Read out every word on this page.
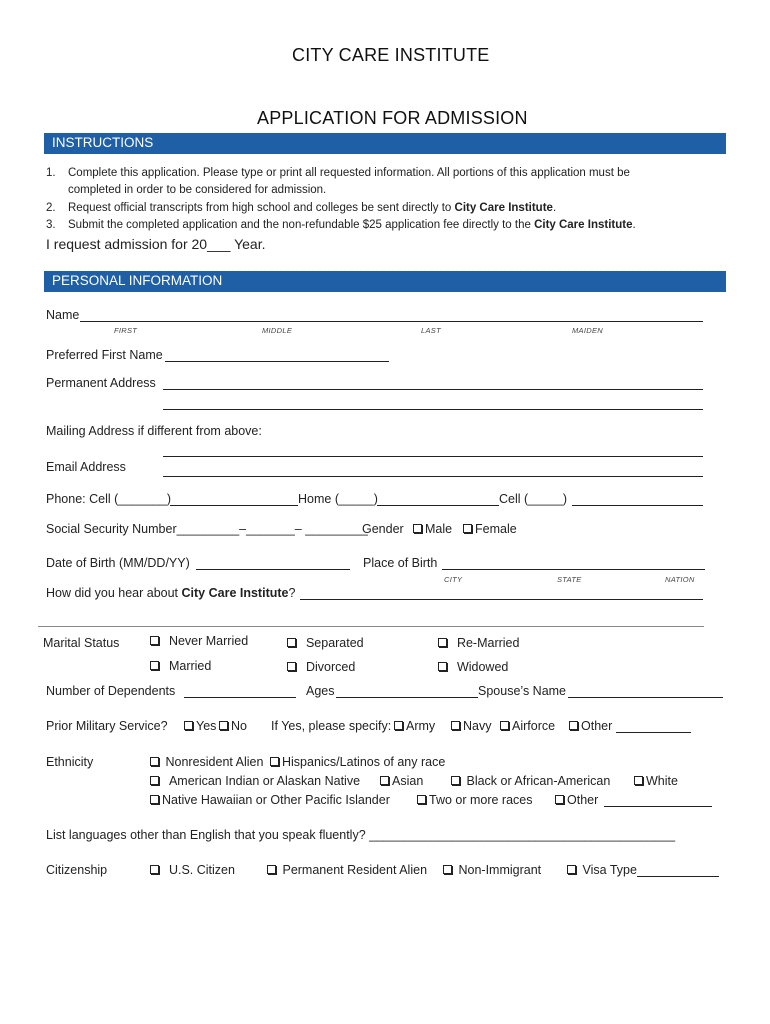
CITY CARE INSTITUTE
APPLICATION FOR ADMISSION
INSTRUCTIONS
1. Complete this application. Please type or print all requested information. All portions of this application must be
completed in order to be considered for admission.
2. Request official transcripts from high school and colleges be sent directly to City Care Institute.
3. Submit the completed application and the non-refundable $25 application fee directly to the City Care Institute.
I request admission for 20___ Year.
PERSONAL INFORMATION
Name
FIRST	MIDDLE	LAST	MAIDEN
Preferred First Name
Permanent Address
Mailing Address if different from above:
Email Address
Phone: Cell (_______)	Home (_____)	Cell (_____)
Social Security Number_________–_______– _________
Gender	Male	Female
Date of Birth (MM/DD/YY)	Place of Birth
CITY	STATE	NATION
How did you hear about City Care Institute?
Marital Status	Never Married	Separated	Re-Married
Married	Divorced	Widowed
Number of Dependents	Ages	Spouse’s Name
Prior Military Service?	Yes	No If Yes, please specify:	Army	Navy	Airforce	Other
Ethnicity	Nonresident Alien	Hispanics/Latinos of any race
American Indian or Alaskan Native	Asian	Black or African-American	White
Native Hawaiian or Other Pacific Islander	Two or more races	Other
List languages other than English that you speak fluently? ____________________________________________
Citizenship	U.S. Citizen	Permanent Resident Alien	Non-Immigrant	Visa Type
